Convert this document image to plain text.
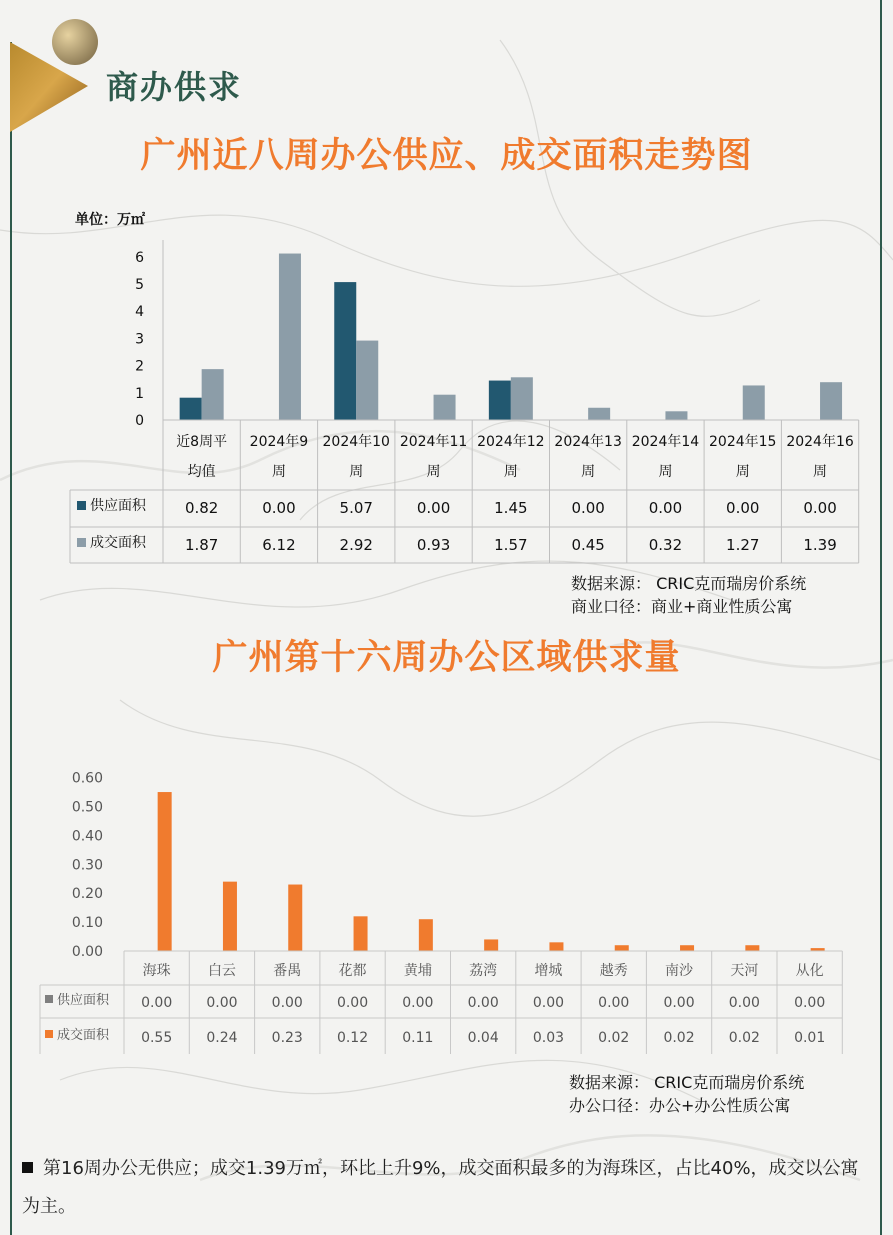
商办供求
广州近八周办公供应、成交面积走势图
广州第十六周办公区域供求量
单位：万㎡
0
1
2
3
4
5
6
近8周平
均值
2024年9
周
2024年10
周
2024年11
周
2024年12
周
2024年13
周
2024年14
周
2024年15
周
2024年16
周
供应面积	0.82	0.00	5.07	0.00	1.45	0.00	0.00	0.00	0.00
成交面积	1.87	6.12	2.92	0.93	1.57	0.45	0.32	1.27	1.39
0.00
0.10
0.20
0.30
0.40
0.50
0.60
海珠	白云	番禺	花都	黄埔	荔湾	增城	越秀	南沙	天河	从化
供应面积 0.00 0.00 0.00 0.00 0.00 0.00 0.00 0.00 0.00 0.00 0.00
成交面积 0.55 0.24 0.23 0.12 0.11 0.04 0.03 0.02 0.02 0.02 0.01
数据来源： CRIC克而瑞房价系统
商业口径：商业+商业性质公寓
数据来源： CRIC克而瑞房价系统
办公口径：办公+办公性质公寓
第16周办公无供应；成交1.39万㎡，环比上升9%，成交面积最多的为海珠区，占比40%，成交以公寓为主。
